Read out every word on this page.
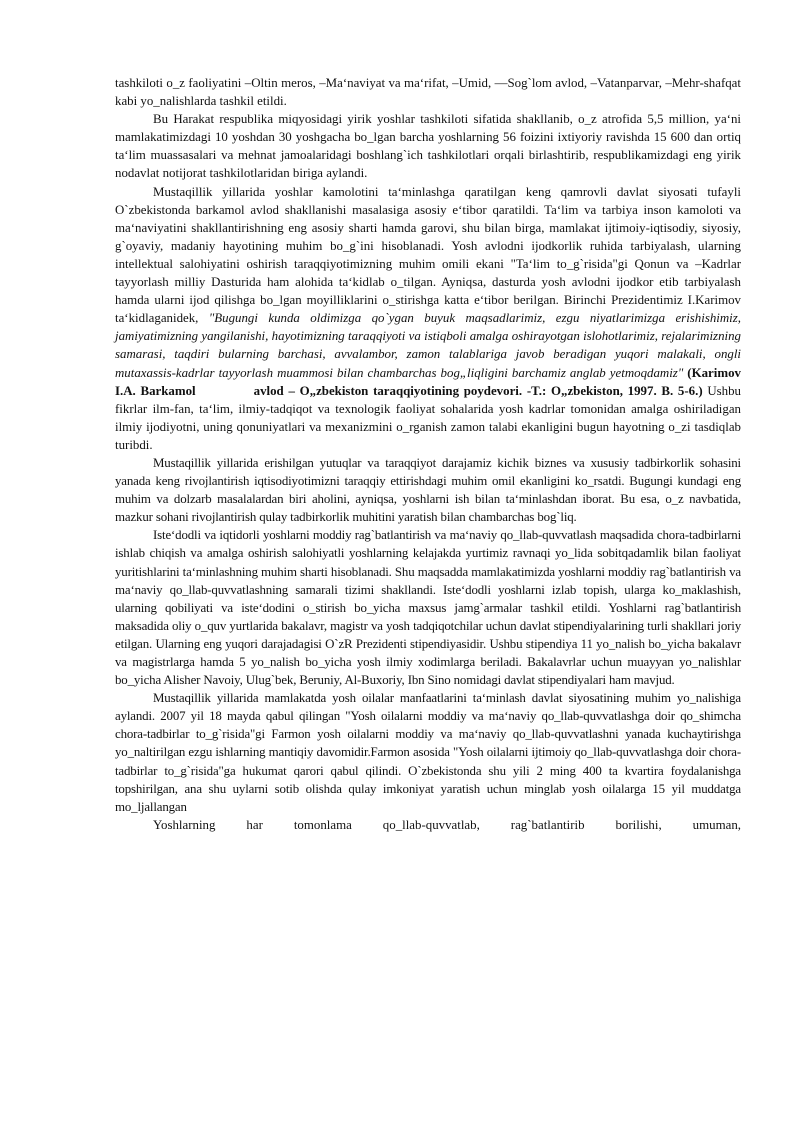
tashkiloti o_z faoliyatini –Oltin meros, –Ma‘naviyat va ma‘rifat, –Umid, —Sog`lom avlod, –Vatanparvar, –Mehr-shafqat kabi yo_nalishlarda tashkil etildi.

Bu Harakat respublika miqyosidagi yirik yoshlar tashkiloti sifatida shakllanib, o_z atrofida 5,5 million, ya‘ni mamlakatimizdagi 10 yoshdan 30 yoshgacha bo_lgan barcha yoshlarning 56 foizini ixtiyoriy ravishda 15 600 dan ortiq ta‘lim muassasalari va mehnat jamoalaridagi boshlang`ich tashkilotlari orqali birlashtirib, respublikamizdagi eng yirik nodavlat notijorat tashkilotlaridan biriga aylandi.

Mustaqillik yillarida yoshlar kamolotini ta‘minlashga qaratilgan keng qamrovli davlat siyosati tufayli O`zbekistonda barkamol avlod shakllanishi masalasiga asosiy e‘tibor qaratildi. Ta‘lim va tarbiya inson kamoloti va ma‘naviyatini shakllantirishning eng asosiy sharti hamda garovi, shu bilan birga, mamlakat ijtimoiy-iqtisodiy, siyosiy, g`oyaviy, madaniy hayotining muhim bo_g`ini hisoblanadi. Yosh avlodni ijodkorlik ruhida tarbiyalash, ularning intellektual salohiyatini oshirish taraqqiyotimizning muhim omili ekani "Ta‘lim to_g`risida"gi Qonun va –Kadrlar tayyorlash milliy Dasturida ham alohida ta‘kidlab o_tilgan. Ayniqsa, dasturda yosh avlodni ijodkor etib tarbiyalash hamda ularni ijod qilishga bo_lgan moyilliklarini o_stirishga katta e‘tibor berilgan. Birinchi Prezidentimiz I.Karimov ta‘kidlaganidek, "Bugungi kunda oldimizga qo`ygan buyuk maqsadlarimiz, ezgu niyatlarimizga erishishimiz, jamiyatimizning yangilanishi, hayotimizning taraqqiyoti va istiqboli amalga oshirayotgan islohotlarimiz, rejalarimizning samarasi, taqdiri bularning barchasi, avvalambor, zamon talablariga javob beradigan yuqori malakali, ongli mutaxassis-kadrlar tayyorlash muammosi bilan chambarchas bog„liqligini barchamiz anglab yetmoqdamiz" (Karimov I.A. Barkamol	avlod – O„zbekiston taraqqiyotining poydevori. -T.: O„zbekiston, 1997. B. 5-6.) Ushbu fikrlar ilm-fan, ta‘lim, ilmiy-tadqiqot va texnologik faoliyat sohalarida yosh kadrlar tomonidan amalga oshiriladigan ilmiy ijodiyotni, uning qonuniyatlari va mexanizmini o_rganish zamon talabi ekanligini bugun hayotning o_zi tasdiqlab turibdi.

Mustaqillik yillarida erishilgan yutuqlar va taraqqiyot darajamiz kichik biznes va xususiy tadbirkorlik sohasini yanada keng rivojlantirish iqtisodiyotimizni taraqqiy ettirishdagi muhim omil ekanligini ko_rsatdi. Bugungi kundagi eng muhim va dolzarb masalalardan biri aholini, ayniqsa, yoshlarni ish bilan ta‘minlashdan iborat. Bu esa, o_z navbatida, mazkur sohani rivojlantirish qulay tadbirkorlik muhitini yaratish bilan chambarchas bog`liq.

Iste‘dodli va iqtidorli yoshlarni moddiy rag`batlantirish va ma‘naviy qo_llab-quvvatlash maqsadida chora-tadbirlarni ishlab chiqish va amalga oshirish salohiyatli yoshlarning kelajakda yurtimiz ravnaqi yo_lida sobitqadamlik bilan faoliyat yuritishlarini ta‘minlashning muhim sharti hisoblanadi. Shu maqsadda mamlakatimizda yoshlarni moddiy rag`batlantirish va ma‘naviy qo_llab-quvvatlashning samarali tizimi shakllandi. Iste‘dodli yoshlarni izlab topish, ularga ko_maklashish, ularning qobiliyati va iste‘dodini o_stirish bo_yicha maxsus jamg`armalar tashkil etildi. Yoshlarni rag`batlantirish maksadida oliy o_quv yurtlarida bakalavr, magistr va yosh tadqiqotchilar uchun davlat stipendiyalarining turli shakllari joriy etilgan. Ularning eng yuqori darajadagisi O`zR Prezidenti stipendiyasidir. Ushbu stipendiya 11 yo_nalish bo_yicha bakalavr va magistrlarga hamda 5 yo_nalish bo_yicha yosh ilmiy xodimlarga beriladi. Bakalavrlar uchun muayyan yo_nalishlar bo_yicha Alisher Navoiy, Ulug`bek, Beruniy, Al-Buxoriy, Ibn Sino nomidagi davlat stipendiyalari ham mavjud.

Mustaqillik yillarida mamlakatda yosh oilalar manfaatlarini ta‘minlash davlat siyosatining muhim yo_nalishiga aylandi. 2007 yil 18 mayda qabul qilingan "Yosh oilalarni moddiy va ma‘naviy qo_llab-quvvatlashga doir qo_shimcha chora-tadbirlar to_g`risida"gi Farmon yosh oilalarni moddiy va ma‘naviy qo_llab-quvvatlashni yanada kuchaytirishga yo_naltirilgan ezgu ishlarning mantiqiy davomidir.Farmon asosida "Yosh oilalarni ijtimoiy qo_llab-quvvatlashga doir chora-tadbirlar to_g`risida"ga hukumat qarori qabul qilindi. O`zbekistonda shu yili 2 ming 400 ta kvartira foydalanishga topshirilgan, ana shu uylarni sotib olishda qulay imkoniyat yaratish uchun minglab yosh oilalarga 15 yil muddatga mo_ljallangan

Yoshlarning har tomonlama qo_llab-quvvatlab, rag`batlantirib borilishi, umuman,
